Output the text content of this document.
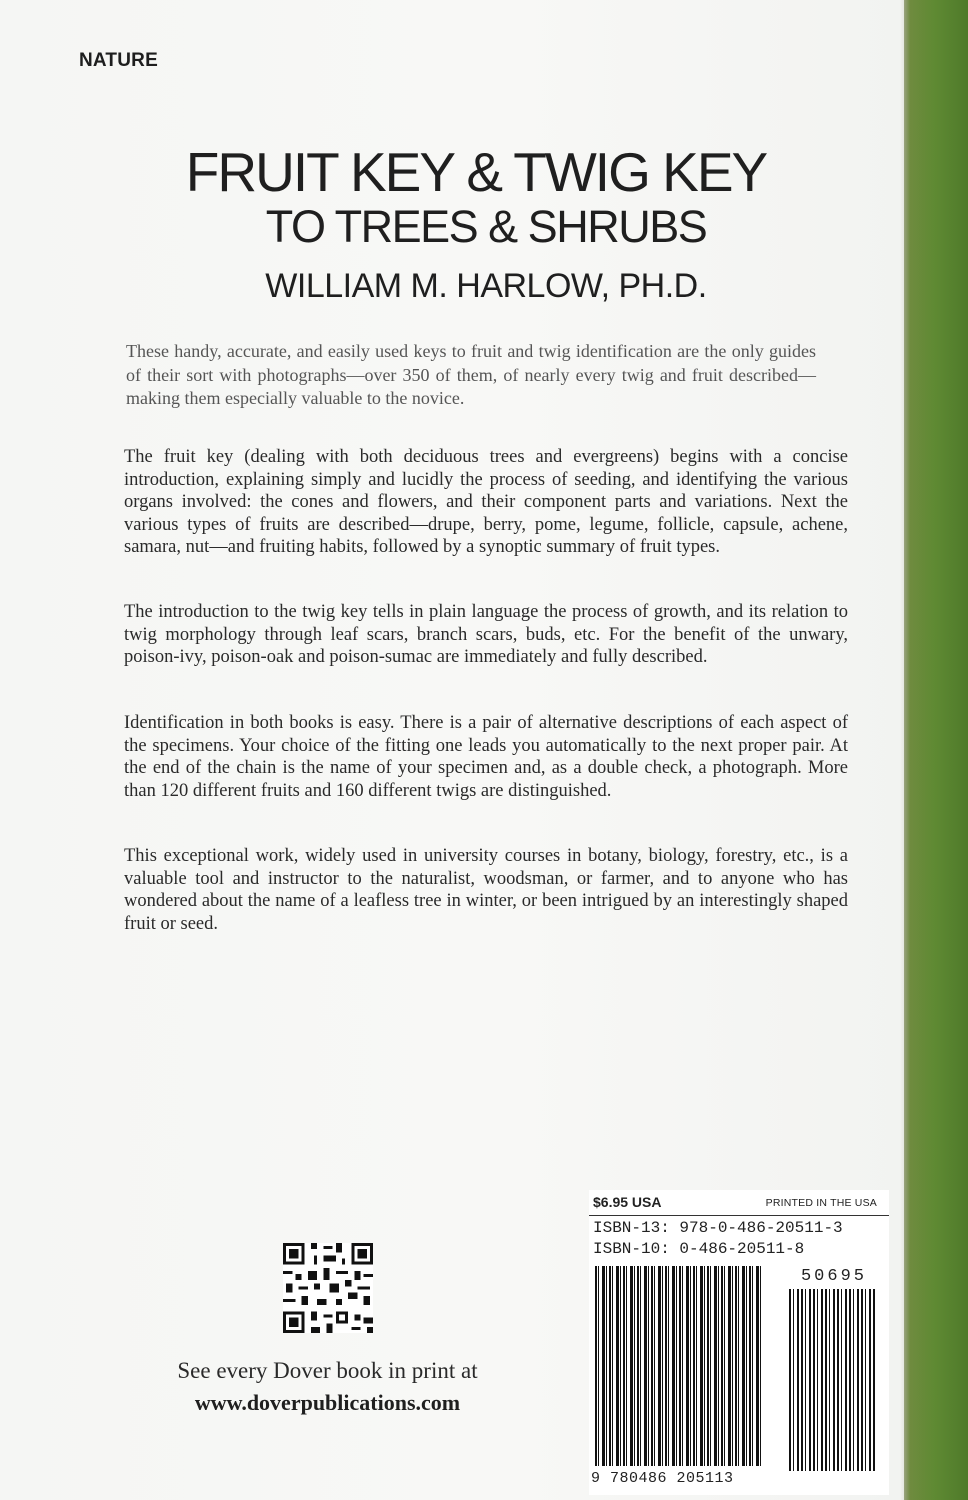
NATURE
FRUIT KEY & TWIG KEY
TO TREES & SHRUBS
WILLIAM M. HARLOW, PH.D.
These handy, accurate, and easily used keys to fruit and twig identification are the only guides of their sort with photographs—over 350 of them, of nearly every twig and fruit described—making them especially valuable to the novice.
The fruit key (dealing with both deciduous trees and evergreens) begins with a concise introduction, explaining simply and lucidly the process of seeding, and identifying the various organs involved: the cones and flowers, and their component parts and variations. Next the various types of fruits are described—drupe, berry, pome, legume, follicle, capsule, achene, samara, nut—and fruiting habits, followed by a synoptic summary of fruit types.
The introduction to the twig key tells in plain language the process of growth, and its relation to twig morphology through leaf scars, branch scars, buds, etc. For the benefit of the unwary, poison-ivy, poison-oak and poison-sumac are immediately and fully described.
Identification in both books is easy. There is a pair of alternative descriptions of each aspect of the specimens. Your choice of the fitting one leads you automatically to the next proper pair. At the end of the chain is the name of your specimen and, as a double check, a photograph. More than 120 different fruits and 160 different twigs are distinguished.
This exceptional work, widely used in university courses in botany, biology, forestry, etc., is a valuable tool and instructor to the naturalist, woodsman, or farmer, and to anyone who has wondered about the name of a leafless tree in winter, or been intrigued by an interestingly shaped fruit or seed.
See every Dover book in print at
www.doverpublications.com
$6.95 USA	PRINTED IN THE USA
ISBN-13: 978-0-486-20511-3
ISBN-10: 0-486-20511-8
50695
9 780486 205113
